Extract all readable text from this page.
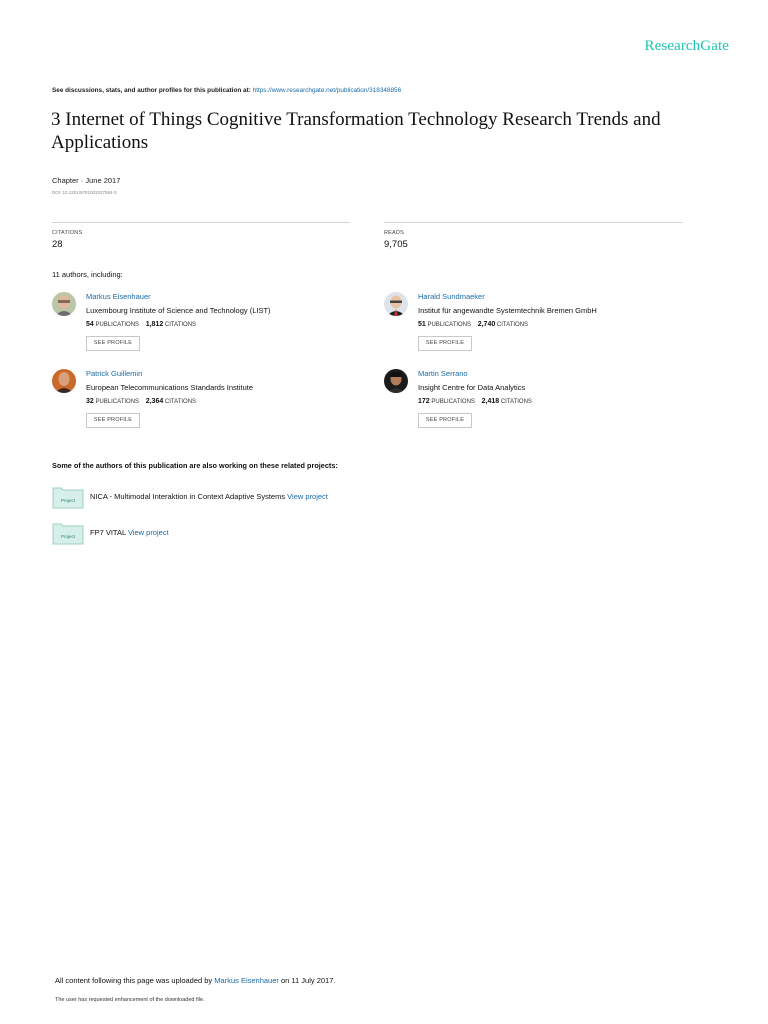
ResearchGate
See discussions, stats, and author profiles for this publication at: https://www.researchgate.net/publication/318348856
3 Internet of Things Cognitive Transformation Technology Research Trends and Applications
Chapter · June 2017
DOI: 10.1201/9781003337584-3
CITATIONS
28
READS
9,705
11 authors, including:
Markus Eisenhauer
Luxembourg Institute of Science and Technology (LIST)
54 PUBLICATIONS 1,812 CITATIONS
SEE PROFILE
Harald Sundmaeker
Institut für angewandte Systemtechnik Bremen GmbH
51 PUBLICATIONS 2,740 CITATIONS
SEE PROFILE
Patrick Guillemin
European Telecommunications Standards Institute
32 PUBLICATIONS 2,364 CITATIONS
SEE PROFILE
Martin Serrano
Insight Centre for Data Analytics
172 PUBLICATIONS 2,418 CITATIONS
SEE PROFILE
Some of the authors of this publication are also working on these related projects:
Project NICA - Multimodal Interaktion in Context Adaptive Systems View project
Project FP7 VITAL View project
All content following this page was uploaded by Markus Eisenhauer on 11 July 2017.
The user has requested enhancement of the downloaded file.
